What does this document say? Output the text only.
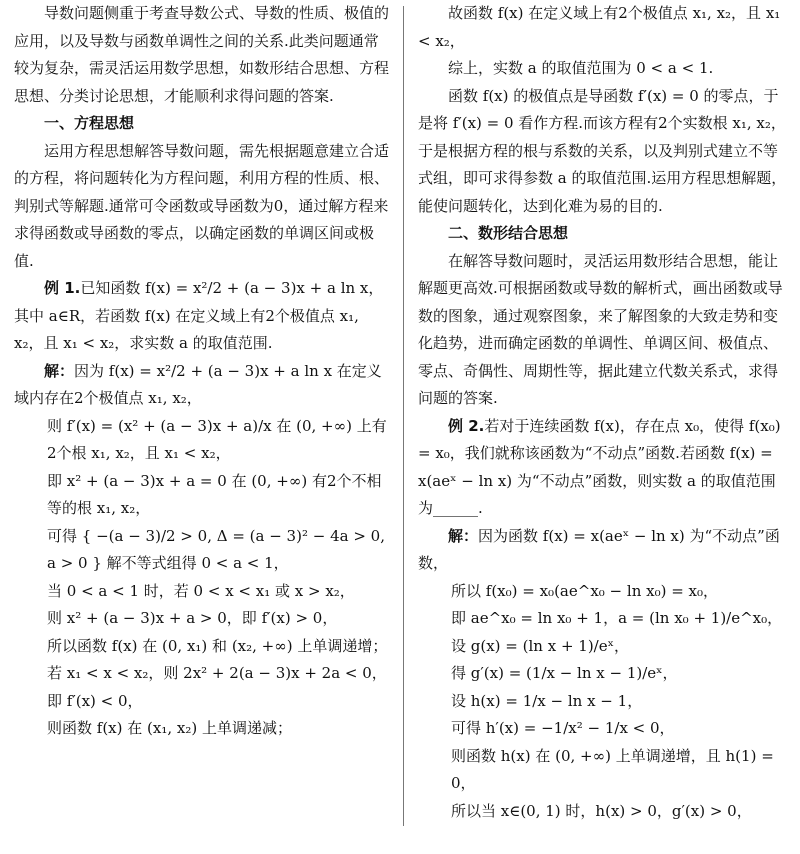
导数问题侧重于考查导数公式、导数的性质、极值的应用，以及导数与函数单调性之间的关系.此类问题通常较为复杂，需灵活运用数学思想，如数形结合思想、方程思想、分类讨论思想，才能顺利求得问题的答案.

一、方程思想

运用方程思想解答导数问题，需先根据题意建立合适的方程，将问题转化为方程问题，利用方程的性质、根、判别式等解题.通常可令函数或导函数为0，通过解方程来求得函数或导函数的零点，以确定函数的单调区间或极值.

例 1.已知函数 f(x) = x²/2 + (a − 3)x + a ln x，其中 a∈R，若函数 f(x) 在定义域上有2个极值点 x₁, x₂，且 x₁ < x₂，求实数 a 的取值范围.

解：因为 f(x) = x²/2 + (a − 3)x + a ln x 在定义域内存在2个极值点 x₁, x₂，

则 f′(x) = (x² + (a − 3)x + a)/x 在 (0, +∞) 上有2个根 x₁, x₂，且 x₁ < x₂，

即 x² + (a − 3)x + a = 0 在 (0, +∞) 有2个不相等的根 x₁, x₂，

可得 { −(a − 3)/2 > 0, Δ = (a − 3)² − 4a > 0, a > 0 } 解不等式组得 0 < a < 1，

当 0 < a < 1 时，若 0 < x < x₁ 或 x > x₂，

则 x² + (a − 3)x + a > 0，即 f′(x) > 0，

所以函数 f(x) 在 (0, x₁) 和 (x₂, +∞) 上单调递增；

若 x₁ < x < x₂，则 2x² + 2(a − 3)x + 2a < 0，

即 f′(x) < 0，

则函数 f(x) 在 (x₁, x₂) 上单调递减；

故函数 f(x) 在定义域上有2个极值点 x₁, x₂，且 x₁ < x₂，

综上，实数 a 的取值范围为 0 < a < 1.

函数 f(x) 的极值点是导函数 f′(x) = 0 的零点，于是将 f′(x) = 0 看作方程.而该方程有2个实数根 x₁, x₂，于是根据方程的根与系数的关系，以及判别式建立不等式组，即可求得参数 a 的取值范围.运用方程思想解题，能使问题转化，达到化难为易的目的.

二、数形结合思想

在解答导数问题时，灵活运用数形结合思想，能让解题更高效.可根据函数或导数的解析式，画出函数或导数的图象，通过观察图象，来了解图象的大致走势和变化趋势，进而确定函数的单调性、单调区间、极值点、零点、奇偶性、周期性等，据此建立代数关系式，求得问题的答案.

例 2.若对于连续函数 f(x)，存在点 x₀，使得 f(x₀) = x₀，我们就称该函数为“不动点”函数.若函数 f(x) = x(aeˣ − ln x) 为“不动点”函数，则实数 a 的取值范围为______.

解：因为函数 f(x) = x(aeˣ − ln x) 为“不动点”函数，

所以 f(x₀) = x₀(ae^x₀ − ln x₀) = x₀，

即 ae^x₀ = ln x₀ + 1，a = (ln x₀ + 1)/e^x₀，

设 g(x) = (ln x + 1)/eˣ，

得 g′(x) = (1/x − ln x − 1)/eˣ，

设 h(x) = 1/x − ln x − 1，

可得 h′(x) = −1/x² − 1/x < 0，

则函数 h(x) 在 (0, +∞) 上单调递增，且 h(1) = 0，

所以当 x∈(0, 1) 时，h(x) > 0，g′(x) > 0，
